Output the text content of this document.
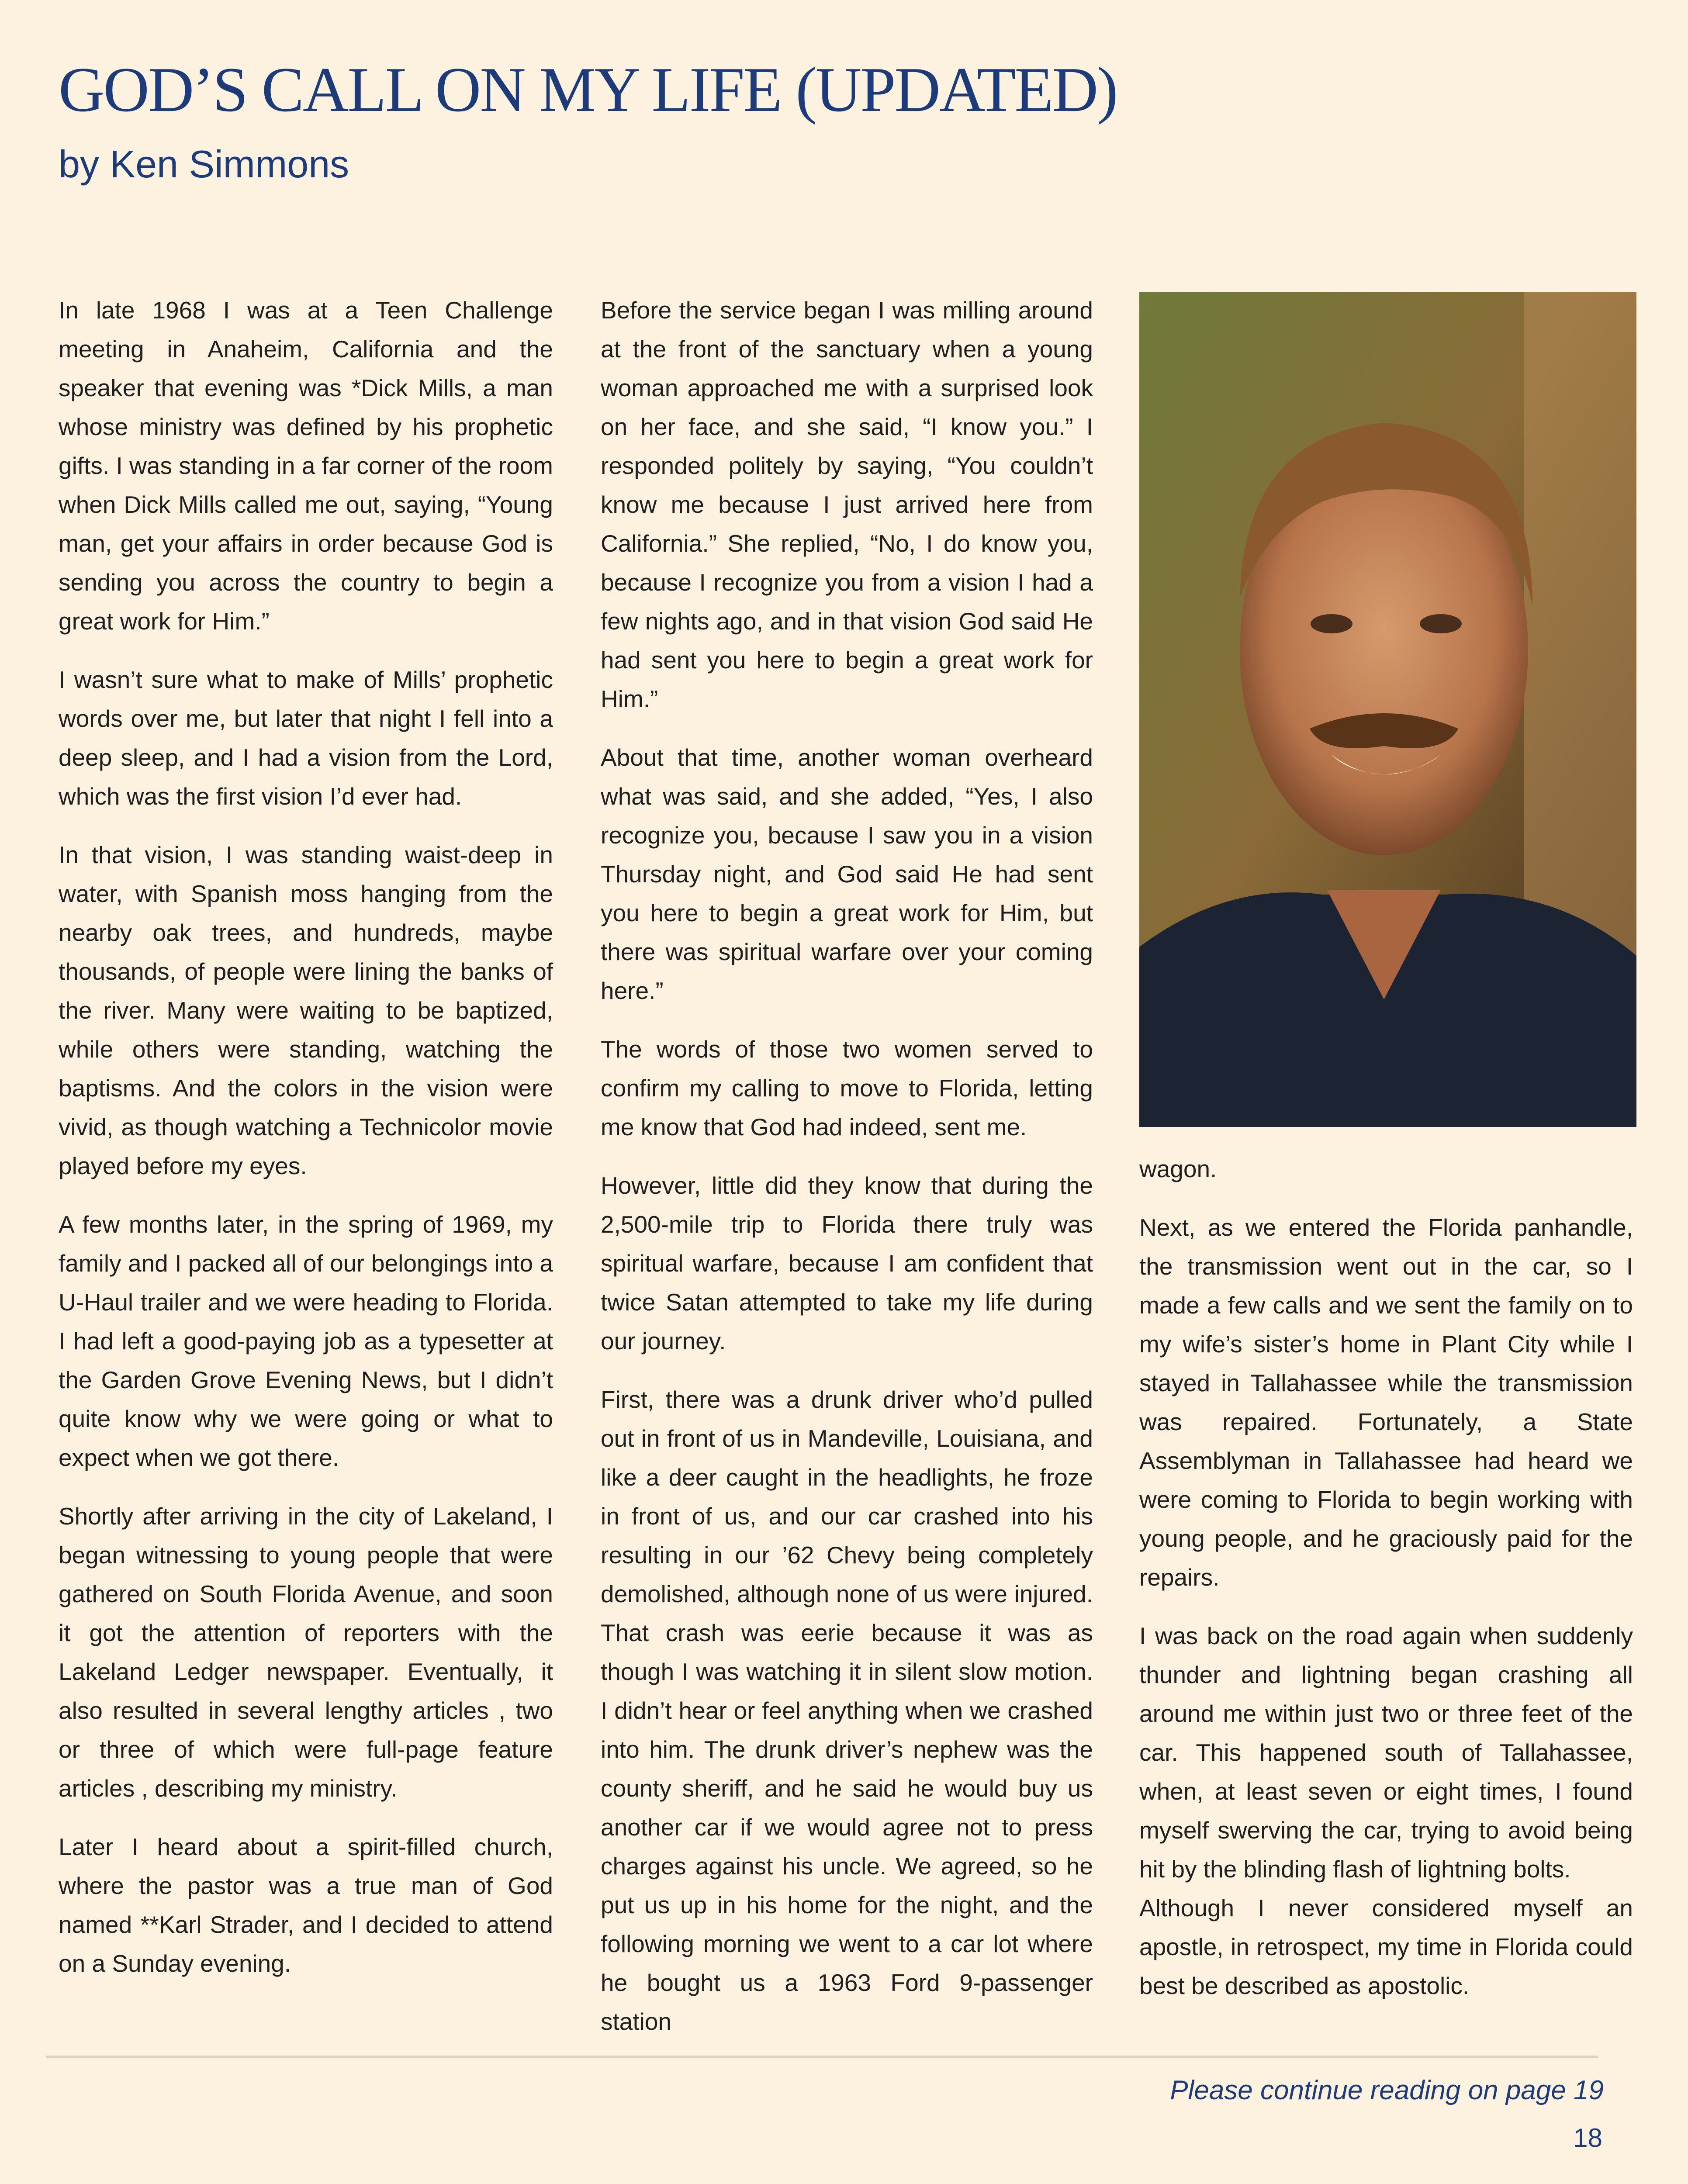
GOD’S CALL ON MY LIFE (UPDATED)
by Ken Simmons

In late 1968 I was at a Teen Challenge meeting in Anaheim, California and the speaker that evening was *Dick Mills, a man whose ministry was defined by his prophetic gifts. I was standing in a far corner of the room when Dick Mills called me out, saying, “Young man, get your affairs in order because God is sending you across the country to begin a great work for Him.”

I wasn’t sure what to make of Mills’ prophetic words over me, but later that night I fell into a deep sleep, and I had a vision from the Lord, which was the first vision I’d ever had.

In that vision, I was standing waist-deep in water, with Spanish moss hanging from the nearby oak trees, and hundreds, maybe thousands, of people were lining the banks of the river. Many were waiting to be baptized, while others were standing, watching the baptisms. And the colors in the vision were vivid, as though watching a Technicolor movie played before my eyes.

A few months later, in the spring of 1969, my family and I packed all of our belongings into a U-Haul trailer and we were heading to Florida. I had left a good-paying job as a typesetter at the Garden Grove Evening News, but I didn’t quite know why we were going or what to expect when we got there.

Shortly after arriving in the city of Lakeland, I began witnessing to young people that were gathered on South Florida Avenue, and soon it got the attention of reporters with the Lakeland Ledger newspaper. Eventually, it also resulted in several lengthy articles , two or three of which were full-page feature articles , describing my ministry.

Later I heard about a spirit-filled church, where the pastor was a true man of God named **Karl Strader, and I decided to attend on a Sunday evening.

Before the service began I was milling around at the front of the sanctuary when a young woman approached me with a surprised look on her face, and she said, “I know you.” I responded politely by saying, “You couldn’t know me because I just arrived here from California.” She replied, “No, I do know you, because I recognize you from a vision I had a few nights ago, and in that vision God said He had sent you here to begin a great work for Him.”

About that time, another woman overheard what was said, and she added, “Yes, I also recognize you, because I saw you in a vision Thursday night, and God said He had sent you here to begin a great work for Him, but there was spiritual warfare over your coming here.”

The words of those two women served to confirm my calling to move to Florida, letting me know that God had indeed, sent me.

However, little did they know that during the 2,500-mile trip to Florida there truly was spiritual warfare, because I am confident that twice Satan attempted to take my life during our journey.

First, there was a drunk driver who’d pulled out in front of us in Mandeville, Louisiana, and like a deer caught in the headlights, he froze in front of us, and our car crashed into his resulting in our ’62 Chevy being completely demolished, although none of us were injured. That crash was eerie because it was as though I was watching it in silent slow motion. I didn’t hear or feel anything when we crashed into him. The drunk driver’s nephew was the county sheriff, and he said he would buy us another car if we would agree not to press charges against his uncle. We agreed, so he put us up in his home for the night, and the following morning we went to a car lot where he bought us a 1963 Ford 9-passenger station

wagon.

Next, as we entered the Florida panhandle, the transmission went out in the car, so I made a few calls and we sent the family on to my wife’s sister’s home in Plant City while I stayed in Tallahassee while the transmission was repaired. Fortunately, a State Assemblyman in Tallahassee had heard we were coming to Florida to begin working with young people, and he graciously paid for the repairs.

I was back on the road again when suddenly thunder and lightning began crashing all around me within just two or three feet of the car. This happened south of Tallahassee, when, at least seven or eight times, I found myself swerving the car, trying to avoid being hit by the blinding flash of lightning bolts.

Although I never considered myself an apostle, in retrospect, my time in Florida could best be described as apostolic.

Please continue reading on page 19
18
